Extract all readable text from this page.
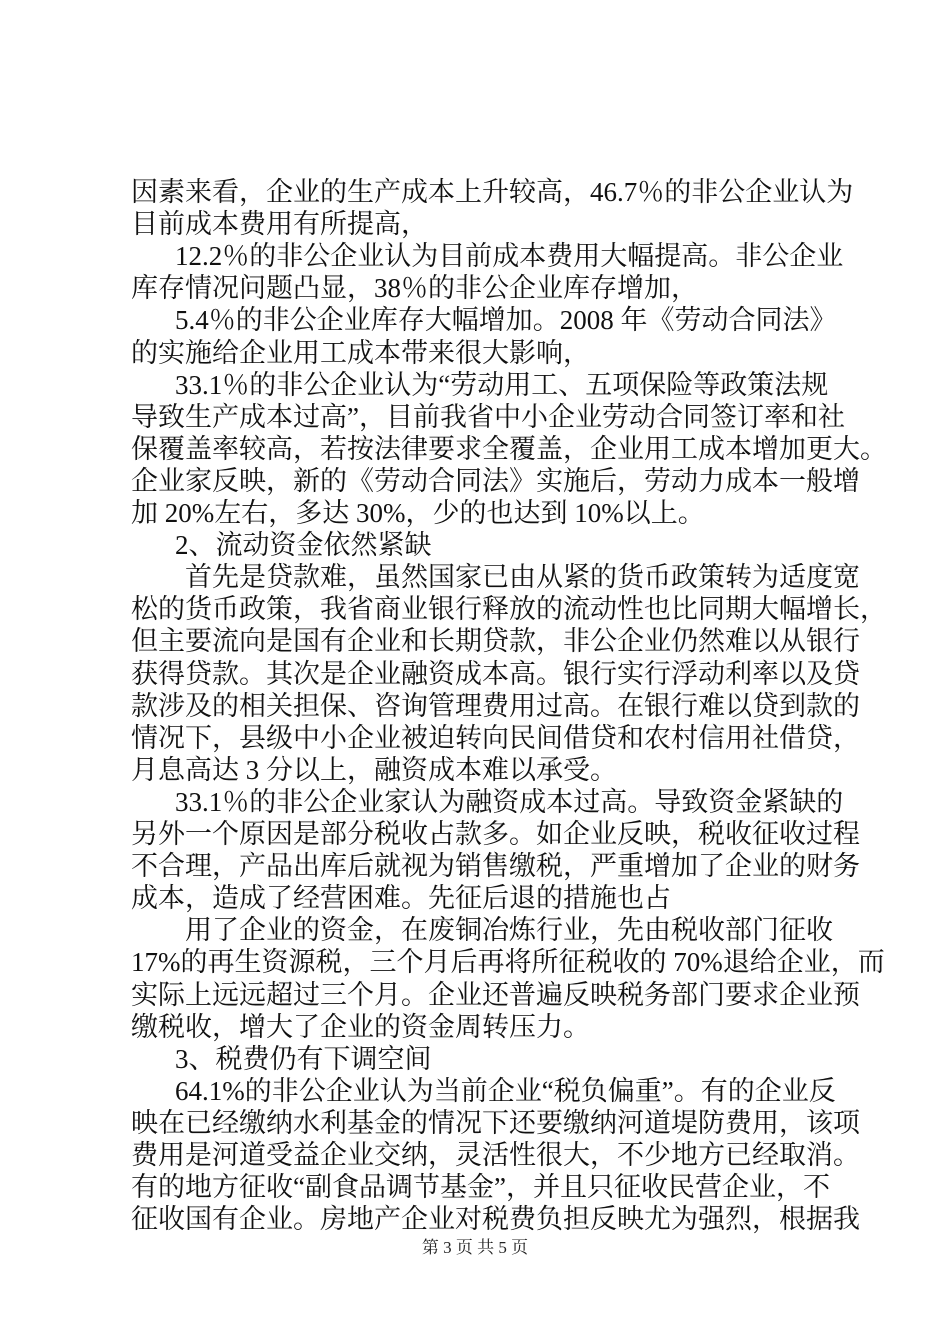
因素来看，企业的生产成本上升较高，46.7％的非公企业认为
目前成本费用有所提高，
12.2％的非公企业认为目前成本费用大幅提高。非公企业
库存情况问题凸显，38％的非公企业库存增加，
5.4％的非公企业库存大幅增加。2008 年《劳动合同法》
的实施给企业用工成本带来很大影响，
33.1％的非公企业认为“劳动用工、五项保险等政策法规
导致生产成本过高”，目前我省中小企业劳动合同签订率和社
保覆盖率较高，若按法律要求全覆盖，企业用工成本增加更大。
企业家反映，新的《劳动合同法》实施后，劳动力成本一般增
加 20%左右，多达 30%，少的也达到 10%以上。
2、流动资金依然紧缺
首先是贷款难，虽然国家已由从紧的货币政策转为适度宽
松的货币政策，我省商业银行释放的流动性也比同期大幅增长，
但主要流向是国有企业和长期贷款，非公企业仍然难以从银行
获得贷款。其次是企业融资成本高。银行实行浮动利率以及贷
款涉及的相关担保、咨询管理费用过高。在银行难以贷到款的
情况下，县级中小企业被迫转向民间借贷和农村信用社借贷，
月息高达 3 分以上，融资成本难以承受。
33.1％的非公企业家认为融资成本过高。导致资金紧缺的
另外一个原因是部分税收占款多。如企业反映，税收征收过程
不合理，产品出库后就视为销售缴税，严重增加了企业的财务
成本，造成了经营困难。先征后退的措施也占
用了企业的资金，在废铜冶炼行业，先由税收部门征收
17%的再生资源税，三个月后再将所征税收的 70%退给企业，而
实际上远远超过三个月。企业还普遍反映税务部门要求企业预
缴税收，增大了企业的资金周转压力。
3、税费仍有下调空间
64.1%的非公企业认为当前企业“税负偏重”。有的企业反
映在已经缴纳水利基金的情况下还要缴纳河道堤防费用，该项
费用是河道受益企业交纳，灵活性很大，不少地方已经取消。
有的地方征收“副食品调节基金”，并且只征收民营企业，不
征收国有企业。房地产企业对税费负担反映尤为强烈，根据我
第 3 页 共 5 页
